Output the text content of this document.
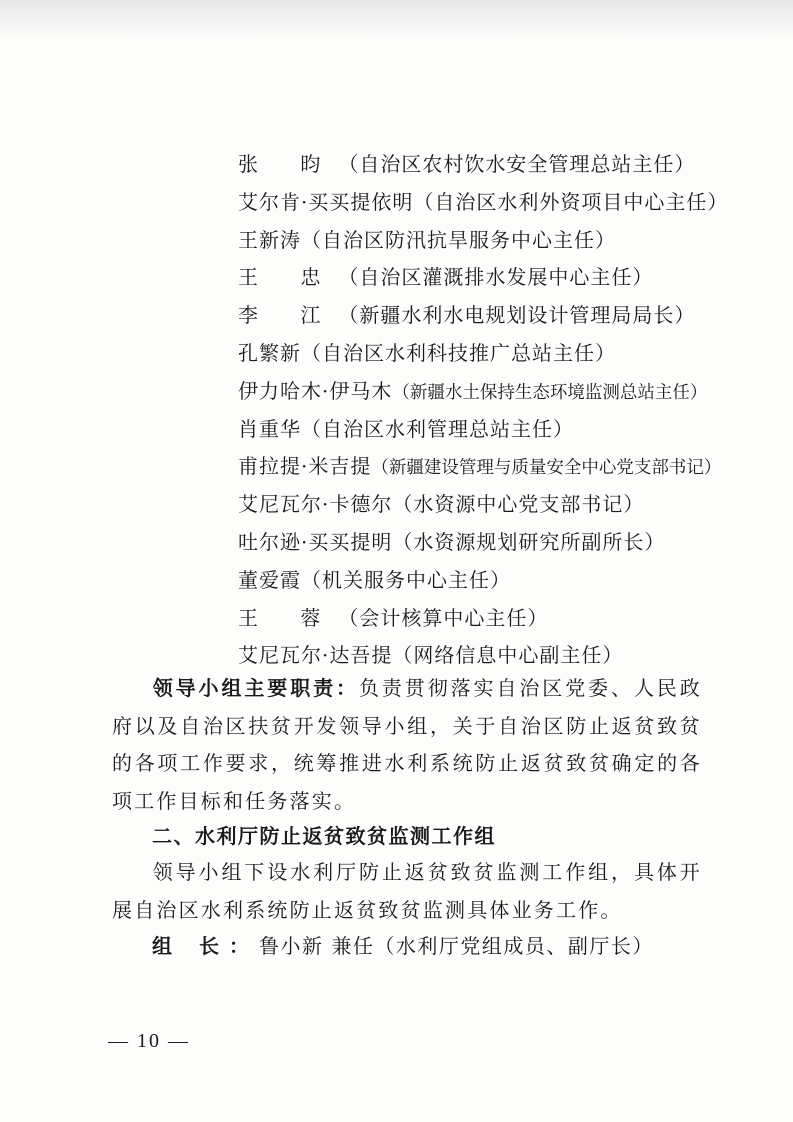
张 昀（自治区农村饮水安全管理总站主任）
艾尔肯·买买提依明（自治区水利外资项目中心主任）
王新涛（自治区防汛抗旱服务中心主任）
王 忠（自治区灌溉排水发展中心主任）
李 江（新疆水利水电规划设计管理局局长）
孔繁新（自治区水利科技推广总站主任）
伊力哈木·伊马木（新疆水土保持生态环境监测总站主任）
肖重华（自治区水利管理总站主任）
甫拉提·米吉提（新疆建设管理与质量安全中心党支部书记）
艾尼瓦尔·卡德尔（水资源中心党支部书记）
吐尔逊·买买提明（水资源规划研究所副所长）
董爱霞（机关服务中心主任）
王 蓉（会计核算中心主任）
艾尼瓦尔·达吾提（网络信息中心副主任）
领导小组主要职责：负责贯彻落实自治区党委、人民政府以及自治区扶贫开发领导小组，关于自治区防止返贫致贫的各项工作要求，统筹推进水利系统防止返贫致贫确定的各项工作目标和任务落实。
二、水利厅防止返贫致贫监测工作组
领导小组下设水利厅防止返贫致贫监测工作组，具体开展自治区水利系统防止返贫致贫监测具体业务工作。
组 长：鲁小新 兼任（水利厅党组成员、副厅长）
— 10 —
